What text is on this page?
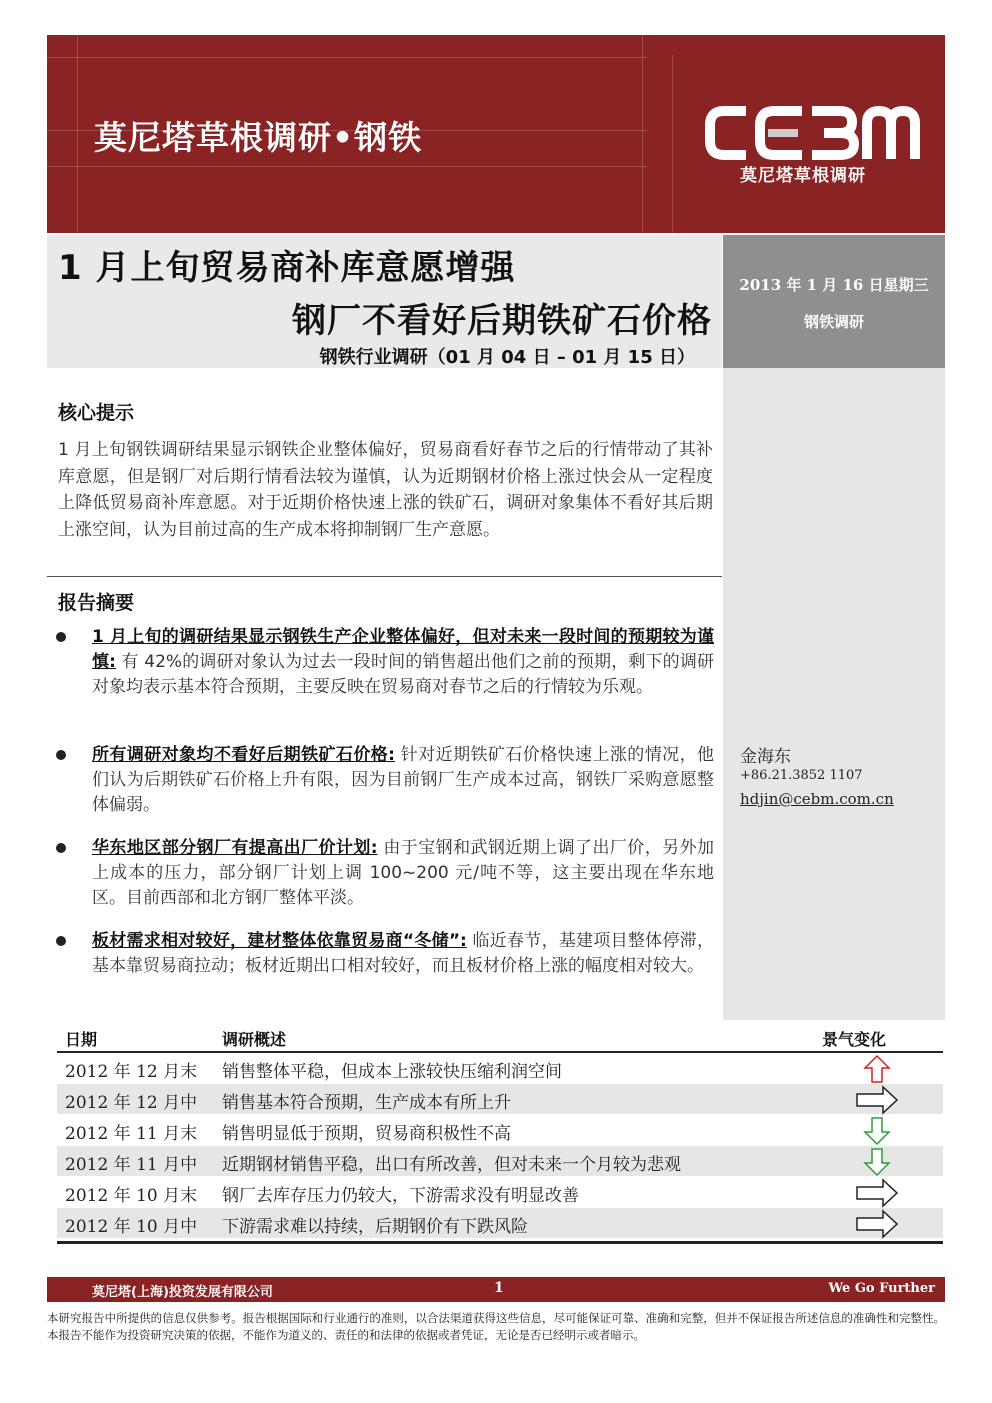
莫尼塔草根调研•钢铁
莫尼塔草根调研
1 月上旬贸易商补库意愿增强
钢厂不看好后期铁矿石价格
钢铁行业调研（01 月 04 日 – 01 月 15 日）
2013 年 1 月 16 日星期三
钢铁调研
金海东
+86.21.3852 1107
hdjin@cebm.com.cn
核心提示
1 月上旬钢铁调研结果显示钢铁企业整体偏好，贸易商看好春节之后的行情带动了其补库意愿，但是钢厂对后期行情看法较为谨慎，认为近期钢材价格上涨过快会从一定程度上降低贸易商补库意愿。对于近期价格快速上涨的铁矿石，调研对象集体不看好其后期上涨空间，认为目前过高的生产成本将抑制钢厂生产意愿。
报告摘要
1 月上旬的调研结果显示钢铁生产企业整体偏好，但对未来一段时间的预期较为谨慎: 有 42%的调研对象认为过去一段时间的销售超出他们之前的预期，剩下的调研对象均表示基本符合预期，主要反映在贸易商对春节之后的行情较为乐观。
所有调研对象均不看好后期铁矿石价格: 针对近期铁矿石价格快速上涨的情况，他们认为后期铁矿石价格上升有限，因为目前钢厂生产成本过高，钢铁厂采购意愿整体偏弱。
华东地区部分钢厂有提高出厂价计划: 由于宝钢和武钢近期上调了出厂价，另外加上成本的压力，部分钢厂计划上调 100~200 元/吨不等，这主要出现在华东地区。目前西部和北方钢厂整体平淡。
板材需求相对较好，建材整体依靠贸易商“冬储”: 临近春节，基建项目整体停滞，基本靠贸易商拉动；板材近期出口相对较好，而且板材价格上涨的幅度相对较大。
日期	调研概述	景气变化
2012 年 12 月末 销售整体平稳，但成本上涨较快压缩利润空间
2012 年 12 月中 销售基本符合预期，生产成本有所上升
2012 年 11 月末 销售明显低于预期，贸易商积极性不高
2012 年 11 月中 近期钢材销售平稳，出口有所改善，但对未来一个月较为悲观
2012 年 10 月末 钢厂去库存压力仍较大，下游需求没有明显改善
2012 年 10 月中 下游需求难以持续，后期钢价有下跌风险
莫尼塔(上海)投资发展有限公司	1	We Go Further
本研究报告中所提供的信息仅供参考。报告根据国际和行业通行的准则，以合法渠道获得这些信息，尽可能保证可靠、准确和完整，但并不保证报告所述信息的准确性和完整性。本报告不能作为投资研究决策的依据，不能作为道义的、责任的和法律的依据或者凭证，无论是否已经明示或者暗示。
